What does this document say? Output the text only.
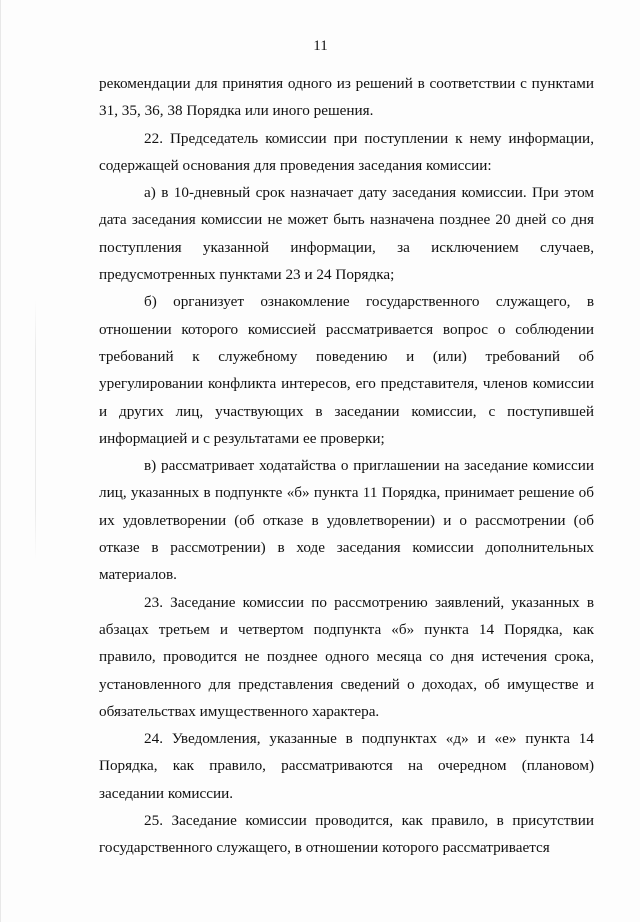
11

рекомендации для принятия одного из решений в соответствии с пунктами 31, 35, 36, 38 Порядка или иного решения.

22. Председатель комиссии при поступлении к нему информации, содержащей основания для проведения заседания комиссии:

а) в 10-дневный срок назначает дату заседания комиссии. При этом дата заседания комиссии не может быть назначена позднее 20 дней со дня поступления указанной информации, за исключением случаев, предусмотренных пунктами 23 и 24 Порядка;

б) организует ознакомление государственного служащего, в отношении которого комиссией рассматривается вопрос о соблюдении требований к служебному поведению и (или) требований об урегулировании конфликта интересов, его представителя, членов комиссии и других лиц, участвующих в заседании комиссии, с поступившей информацией и с результатами ее проверки;

в) рассматривает ходатайства о приглашении на заседание комиссии лиц, указанных в подпункте «б» пункта 11 Порядка, принимает решение об их удовлетворении (об отказе в удовлетворении) и о рассмотрении (об отказе в рассмотрении) в ходе заседания комиссии дополнительных материалов.

23. Заседание комиссии по рассмотрению заявлений, указанных в абзацах третьем и четвертом подпункта «б» пункта 14 Порядка, как правило, проводится не позднее одного месяца со дня истечения срока, установленного для представления сведений о доходах, об имуществе и обязательствах имущественного характера.

24. Уведомления, указанные в подпунктах «д» и «е» пункта 14 Порядка, как правило, рассматриваются на очередном (плановом) заседании комиссии.

25. Заседание комиссии проводится, как правило, в присутствии государственного служащего, в отношении которого рассматривается
